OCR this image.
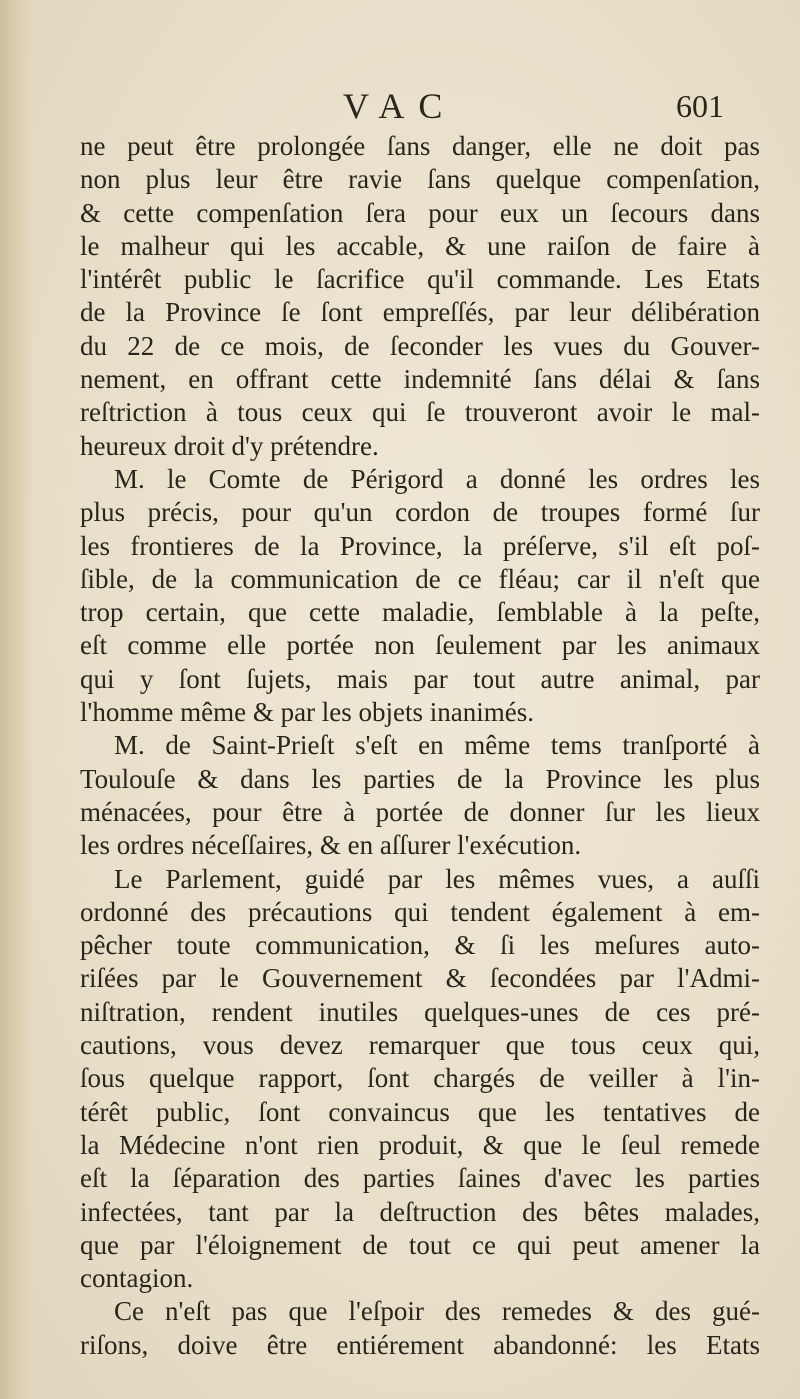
VAC	601
ne peut être prolongée ſans danger, elle ne doit pas
non plus leur être ravie ſans quelque compenſation,
& cette compenſation ſera pour eux un ſecours dans
le malheur qui les accable, & une raiſon de faire à
l'intérêt public le ſacrifice qu'il commande. Les Etats
de la Province ſe ſont empreſſés, par leur délibération
du 22 de ce mois, de ſeconder les vues du Gouver-
nement, en offrant cette indemnité ſans délai & ſans
reſtriction à tous ceux qui ſe trouveront avoir le mal-
heureux droit d'y prétendre.
M. le Comte de Périgord a donné les ordres les
plus précis, pour qu'un cordon de troupes formé ſur
les frontieres de la Province, la préſerve, s'il eſt poſ-
ſible, de la communication de ce fléau; car il n'eſt que
trop certain, que cette maladie, ſemblable à la peſte,
eſt comme elle portée non ſeulement par les animaux
qui y ſont ſujets, mais par tout autre animal, par
l'homme même & par les objets inanimés.
M. de Saint-Prieſt s'eſt en même tems tranſporté à
Toulouſe & dans les parties de la Province les plus
ménacées, pour être à portée de donner ſur les lieux
les ordres néceſſaires, & en aſſurer l'exécution.
Le Parlement, guidé par les mêmes vues, a auſſi
ordonné des précautions qui tendent également à em-
pêcher toute communication, & ſi les meſures auto-
riſées par le Gouvernement & ſecondées par l'Admi-
niſtration, rendent inutiles quelques-unes de ces pré-
cautions, vous devez remarquer que tous ceux qui,
ſous quelque rapport, ſont chargés de veiller à l'in-
térêt public, ſont convaincus que les tentatives de
la Médecine n'ont rien produit, & que le ſeul remede
eſt la ſéparation des parties ſaines d'avec les parties
infectées, tant par la deſtruction des bêtes malades,
que par l'éloignement de tout ce qui peut amener la
contagion.
Ce n'eſt pas que l'eſpoir des remedes & des gué-
riſons, doive être entiérement abandonné: les Etats
